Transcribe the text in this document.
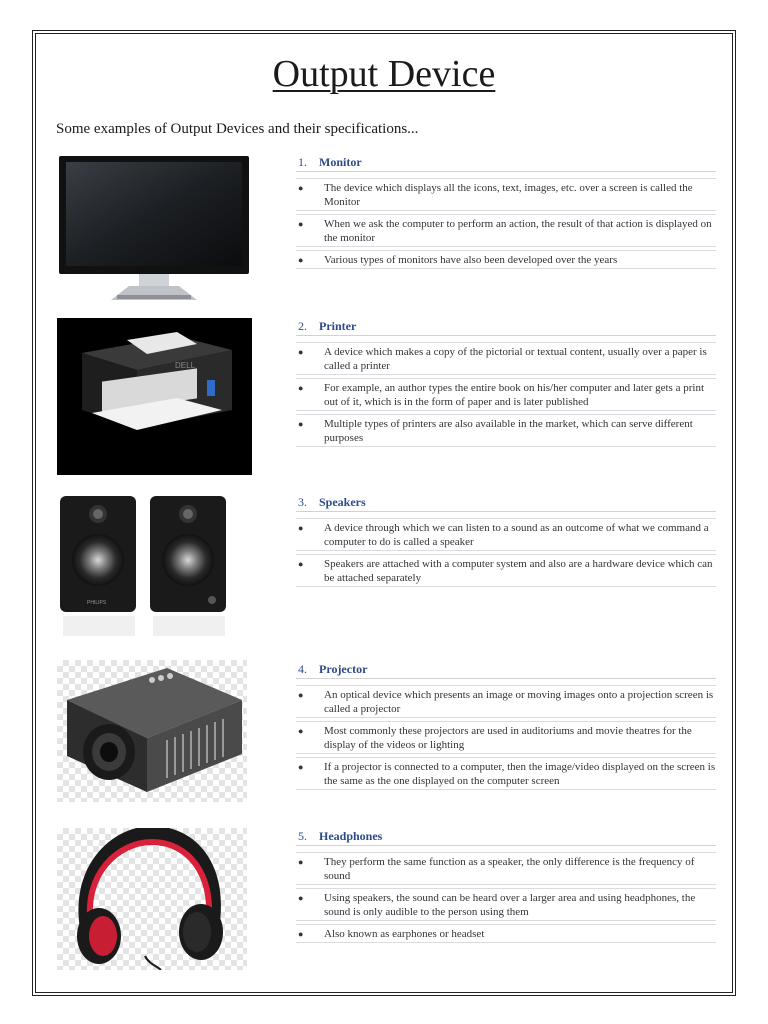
Output Device
Some examples of Output Devices and their specifications...
DELL
PHILIPS
1. Monitor
●	The device which displays all the icons, text, images, etc. over a screen is called the Monitor
●	When we ask the computer to perform an action, the result of that action is displayed on the monitor
●	Various types of monitors have also been developed over the years
2. Printer
●	A device which makes a copy of the pictorial or textual content, usually over a paper is called a printer
●	For example, an author types the entire book on his/her computer and later gets a print out of it, which is in the form of paper and is later published
●	Multiple types of printers are also available in the market, which can serve different purposes
3. Speakers
●	A device through which we can listen to a sound as an outcome of what we command a computer to do is called a speaker
●	Speakers are attached with a computer system and also are a hardware device which can be attached separately
4. Projector
●	An optical device which presents an image or moving images onto a projection screen is called a projector
●	Most commonly these projectors are used in auditoriums and movie theatres for the display of the videos or lighting
●	If a projector is connected to a computer, then the image/video displayed on the screen is the same as the one displayed on the computer screen
5. Headphones
●	They perform the same function as a speaker, the only difference is the frequency of sound
●	Using speakers, the sound can be heard over a larger area and using headphones, the sound is only audible to the person using them
●	Also known as earphones or headset
